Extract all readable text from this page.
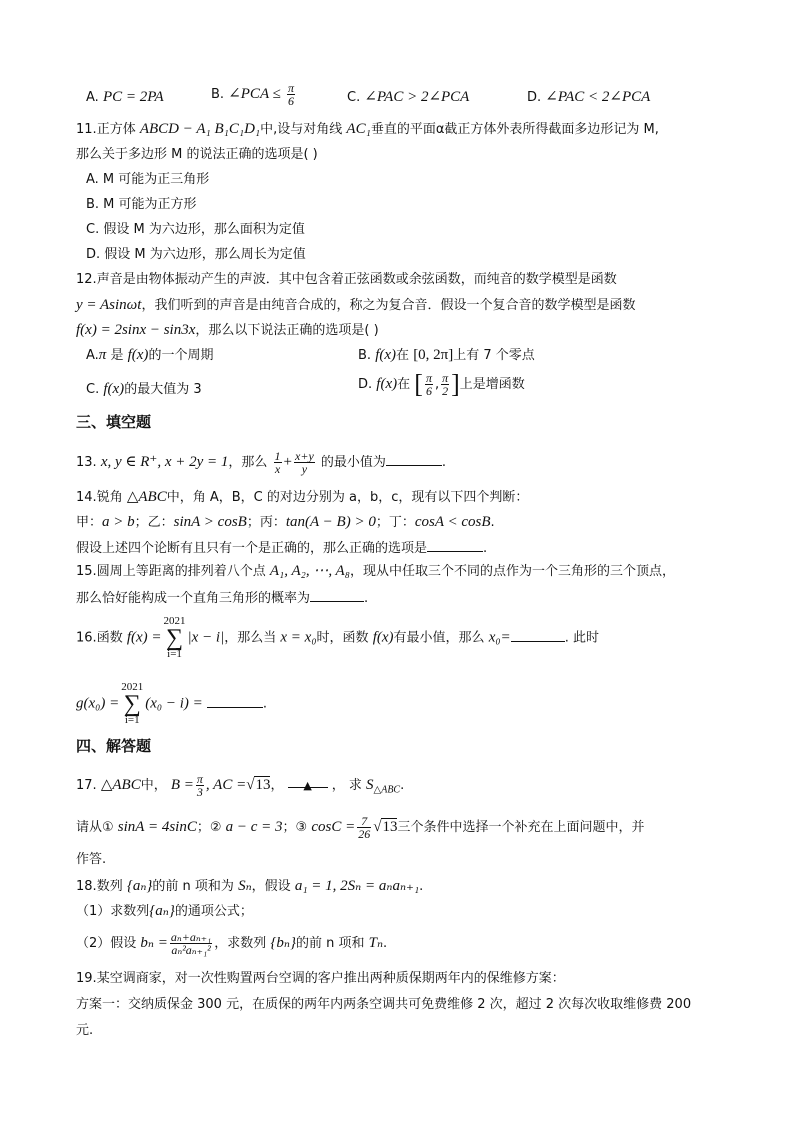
A. PC = 2PA	B. ∠PCA ≤ $\frac{\pi}{6}$	C. ∠PAC > 2∠PCA	D. ∠PAC < 2∠PCA
11.正方体 ABCD − A₁ B₁C₁D₁中,设与对角线 AC₁垂直的平面α截正方体外表所得截面多边形记为 M,
那么关于多边形 M 的说法正确的选项是( )
A. M 可能为正三角形
B. M 可能为正方形
C. 假设 M 为六边形，那么面积为定值
D. 假设 M 为六边形，那么周长为定值
12.声音是由物体振动产生的声波．其中包含着正弦函数或余弦函数，而纯音的数学模型是函数
y = Asinωt，我们听到的声音是由纯音合成的，称之为复合音．假设一个复合音的数学模型是函数
f(x) = 2sinx − sin3x，那么以下说法正确的选项是( )
A.π 是 f(x)的一个周期	B. f(x)在 [0, 2π]上有 7 个零点
C. f(x)的最大值为 3	D. f(x)在 [ $\frac{\pi}{6}$ , $\frac{\pi}{2}$ ]上是增函数
三、填空题
13. x, y ∈ R⁺, x + 2y = 1，那么 $\frac{1}{x} + \frac{x+y}{y}$ 的最小值为	.
14.锐角 △ABC中，角 A，B，C 的对边分别为 a，b，c，现有以下四个判断：
甲：a > b；乙：sinA > cosB；丙：tan(A − B) > 0；丁：cosA < cosB.
假设上述四个论断有且只有一个是正确的，那么正确的选项是	.
15.圆周上等距离的排列着八个点 A₁, A₂, ⋯, A₈，现从中任取三个不同的点作为一个三角形的三个顶点，
那么恰好能构成一个直角三角形的概率为	.
16.函数 f(x) =2021
∑
i=1|x − i|，那么当 x = x₀时，函数 f(x)有最小值，那么 x₀=	. 此时
g(x₀) =2021
∑
i=1(x₀ − i) =	.
四、解答题
17. △ABC中， $B = \frac{\pi}{3}$ , AC =√13， ▲ ， 求 $S_{\triangle ABC}$.
请从① sinA = 4sinC；② a − c = 3；③ $\cos C = \frac{7}{26} √13$三个条件中选择一个补充在上面问题中，并
作答.
18.数列 {aₙ}的前 n 项和为 Sₙ，假设 a₁ = 1, 2Sₙ = aₙaₙ₊₁.
（1）求数列{aₙ}的通项公式；
（2）假设 $b_n = \frac{\text{aₙ+aₙ₊₁}}{\text{aₙ²aₙ₊₁²}}$ ，求数列 {bₙ}的前 n 项和 Tₙ.
19.某空调商家，对一次性购置两台空调的客户推出两种质保期两年内的保维修方案：
方案一：交纳质保金 300 元，在质保的两年内两条空调共可免费维修 2 次，超过 2 次每次收取维修费 200
元.
